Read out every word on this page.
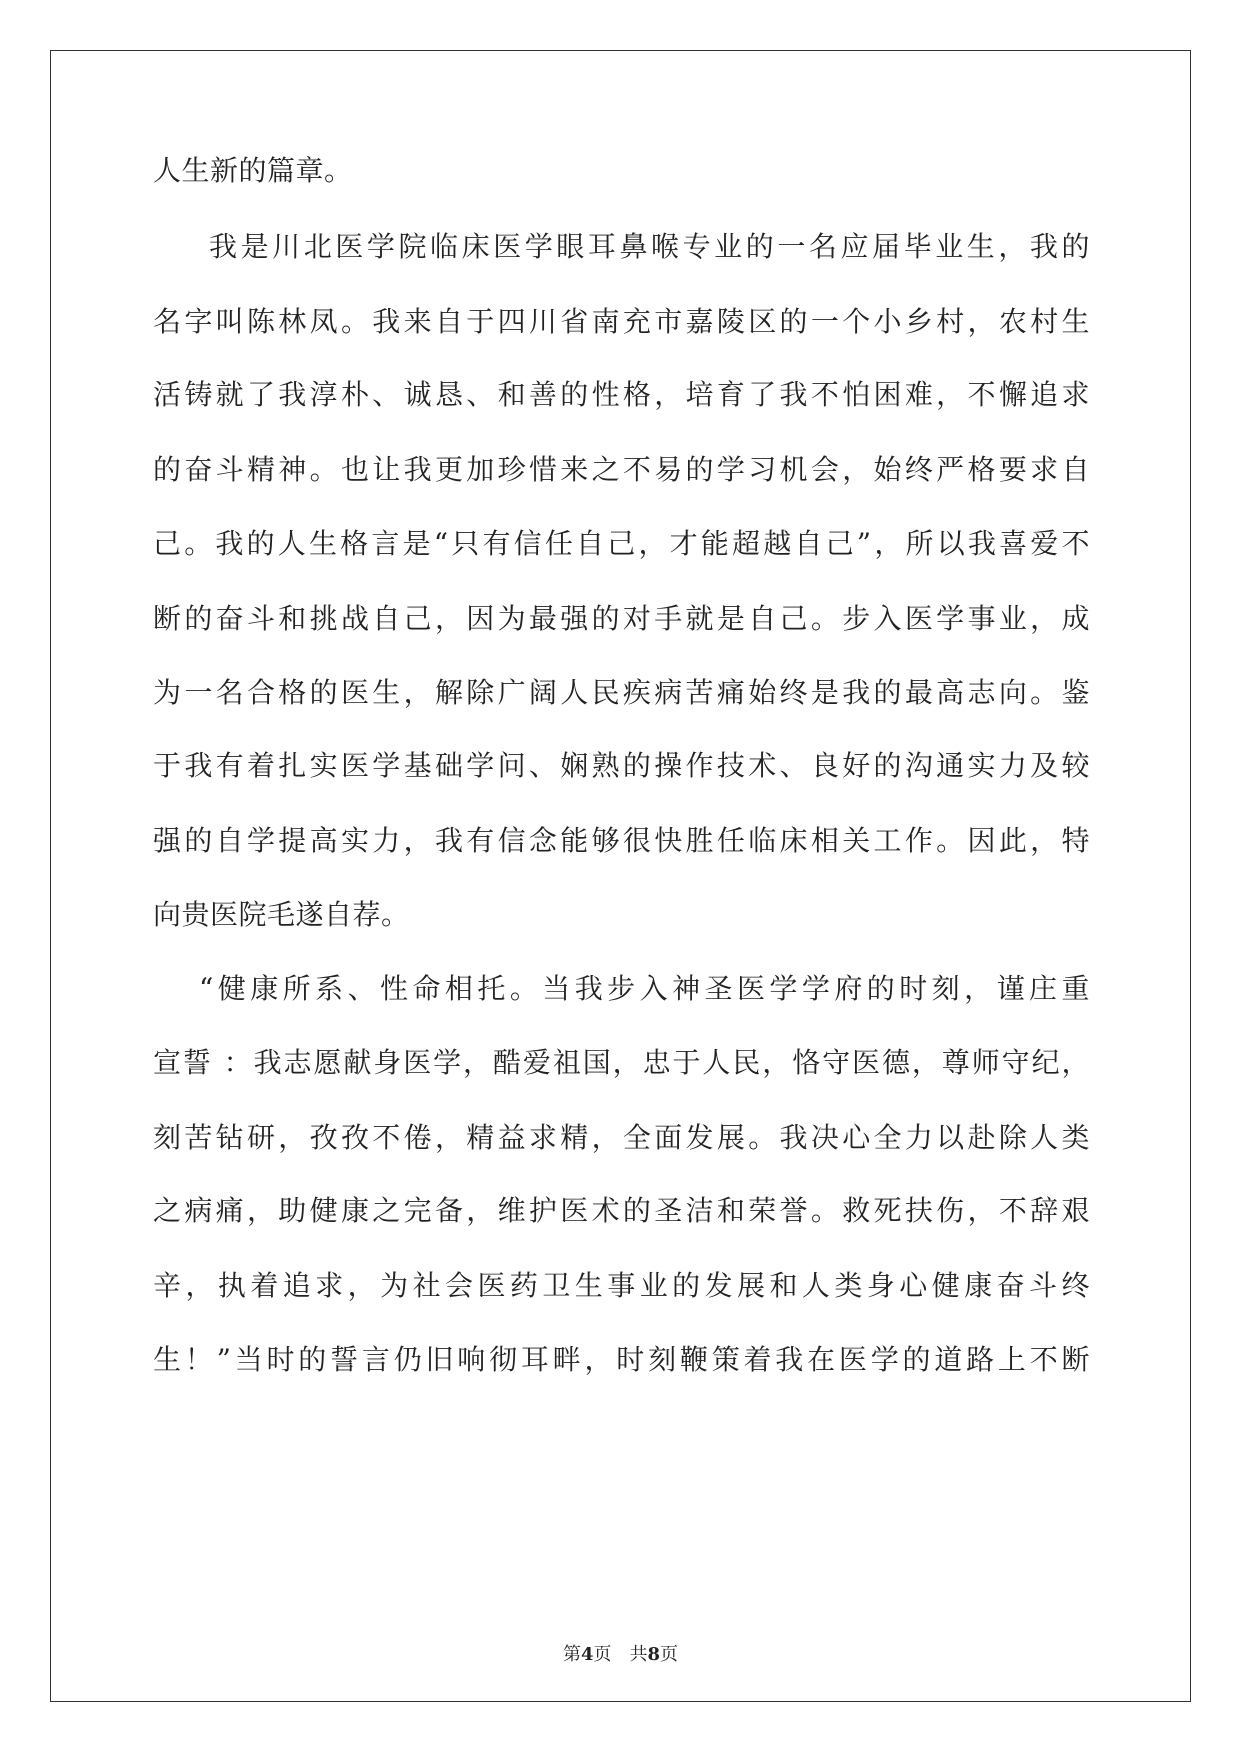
人生新的篇章。
我是川北医学院临床医学眼耳鼻喉专业的一名应届毕业生，我的
名字叫陈林凤。我来自于四川省南充市嘉陵区的一个小乡村，农村生
活铸就了我淳朴、诚恳、和善的性格，培育了我不怕困难，不懈追求
的奋斗精神。也让我更加珍惜来之不易的学习机会，始终严格要求自
己。我的人生格言是“只有信任自己，才能超越自己”，所以我喜爱不
断的奋斗和挑战自己，因为最强的对手就是自己。步入医学事业，成
为一名合格的医生，解除广阔人民疾病苦痛始终是我的最高志向。鉴
于我有着扎实医学基础学问、娴熟的操作技术、良好的沟通实力及较
强的自学提高实力，我有信念能够很快胜任临床相关工作。因此，特
向贵医院毛遂自荐。
“健康所系、性命相托。当我步入神圣医学学府的时刻，谨庄重
宣誓 ：我志愿献身医学，酷爱祖国，忠于人民，恪守医德，尊师守纪，
刻苦钻研，孜孜不倦，精益求精，全面发展。我决心全力以赴除人类
之病痛，助健康之完备，维护医术的圣洁和荣誉。救死扶伤，不辞艰
辛，执着追求，为社会医药卫生事业的发展和人类身心健康奋斗终
生！”当时的誓言仍旧响彻耳畔，时刻鞭策着我在医学的道路上不断
第4页 共8页
